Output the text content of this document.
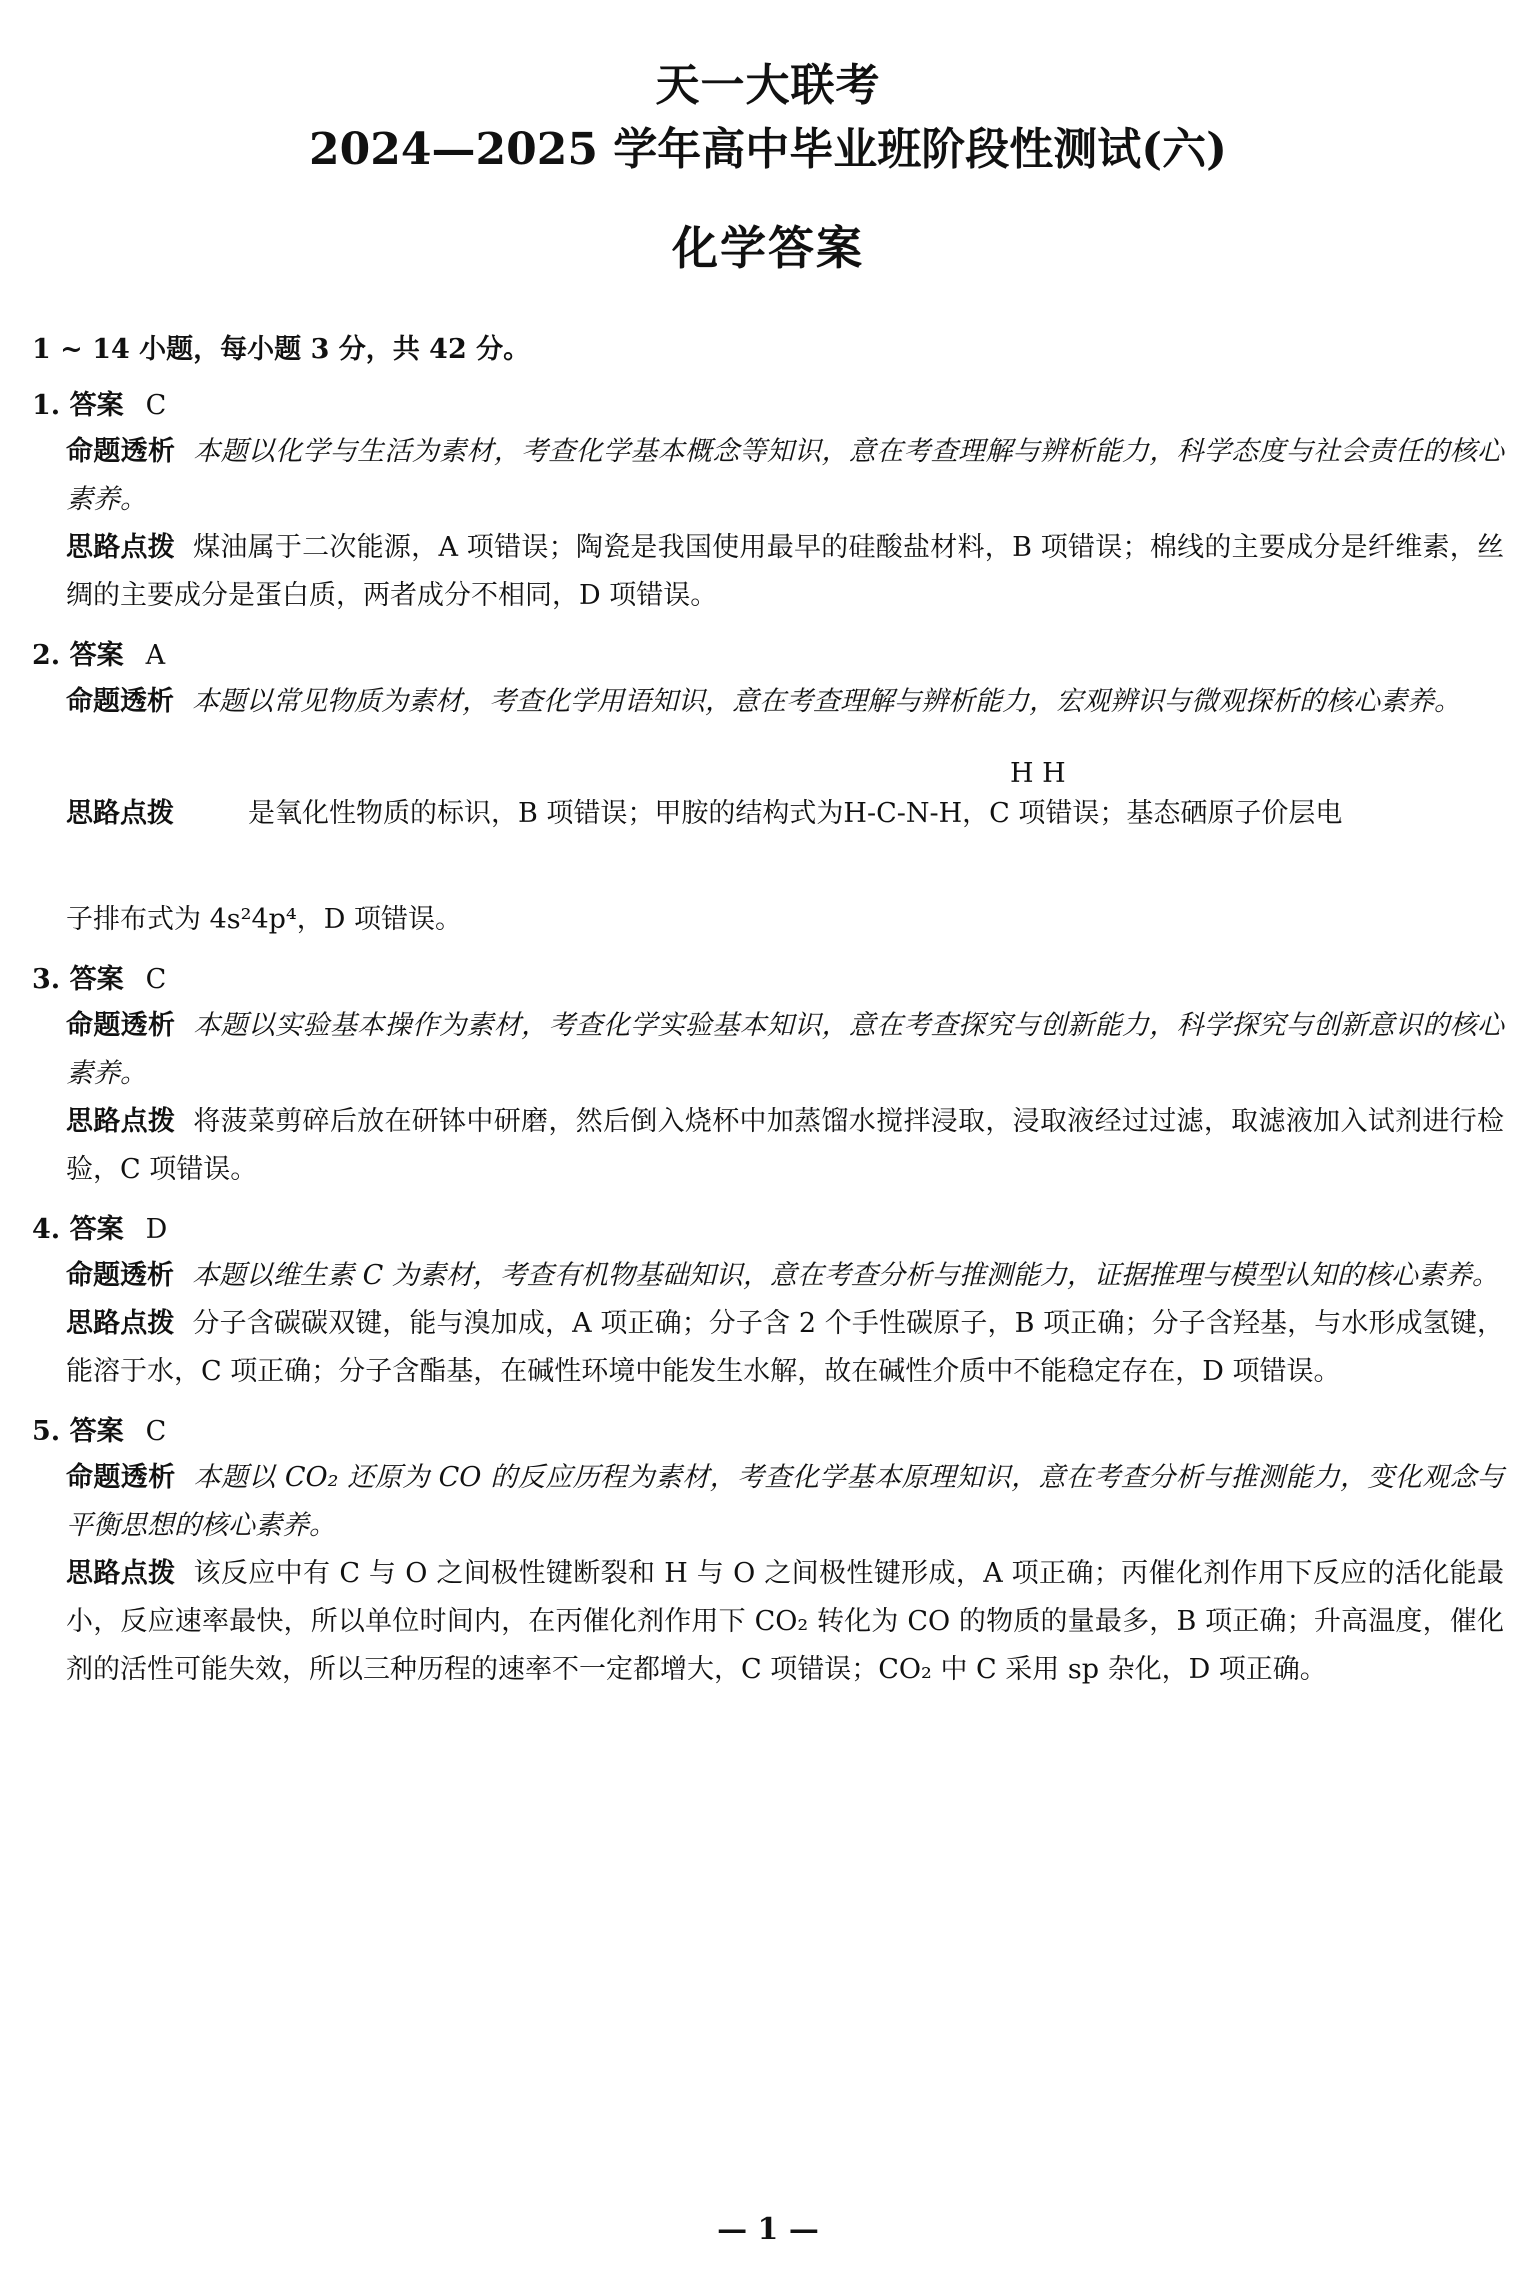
天一大联考
2024—2025 学年高中毕业班阶段性测试(六)
化学答案
1 ~ 14 小题，每小题 3 分，共 42 分。
1. 答案 C
命题透析 本题以化学与生活为素材，考查化学基本概念等知识，意在考查理解与辨析能力，科学态度与社会责任的核心素养。
思路点拨 煤油属于二次能源，A 项错误；陶瓷是我国使用最早的硅酸盐材料，B 项错误；棉线的主要成分是纤维素，丝绸的主要成分是蛋白质，两者成分不相同，D 项错误。
2. 答案 A
命题透析 本题以常见物质为素材，考查化学用语知识，意在考查理解与辨析能力，宏观辨识与微观探析的核心素养。
H H
思路点拨	是氧化性物质的标识，B 项错误；甲胺的结构式为H-C-N-H，C 项错误；基态硒原子价层电
子排布式为 4s²4p⁴，D 项错误。
3. 答案 C
命题透析 本题以实验基本操作为素材，考查化学实验基本知识，意在考查探究与创新能力，科学探究与创新意识的核心素养。
思路点拨 将菠菜剪碎后放在研钵中研磨，然后倒入烧杯中加蒸馏水搅拌浸取，浸取液经过过滤，取滤液加入试剂进行检验，C 项错误。
4. 答案 D
命题透析 本题以维生素 C 为素材，考查有机物基础知识，意在考查分析与推测能力，证据推理与模型认知的核心素养。
思路点拨 分子含碳碳双键，能与溴加成，A 项正确；分子含 2 个手性碳原子，B 项正确；分子含羟基，与水形成氢键，能溶于水，C 项正确；分子含酯基，在碱性环境中能发生水解，故在碱性介质中不能稳定存在，D 项错误。
5. 答案 C
命题透析 本题以 CO₂ 还原为 CO 的反应历程为素材，考查化学基本原理知识，意在考查分析与推测能力，变化观念与平衡思想的核心素养。
思路点拨 该反应中有 C 与 O 之间极性键断裂和 H 与 O 之间极性键形成，A 项正确；丙催化剂作用下反应的活化能最小，反应速率最快，所以单位时间内，在丙催化剂作用下 CO₂ 转化为 CO 的物质的量最多，B 项正确；升高温度，催化剂的活性可能失效，所以三种历程的速率不一定都增大，C 项错误；CO₂ 中 C 采用 sp 杂化，D 项正确。
— 1 —
